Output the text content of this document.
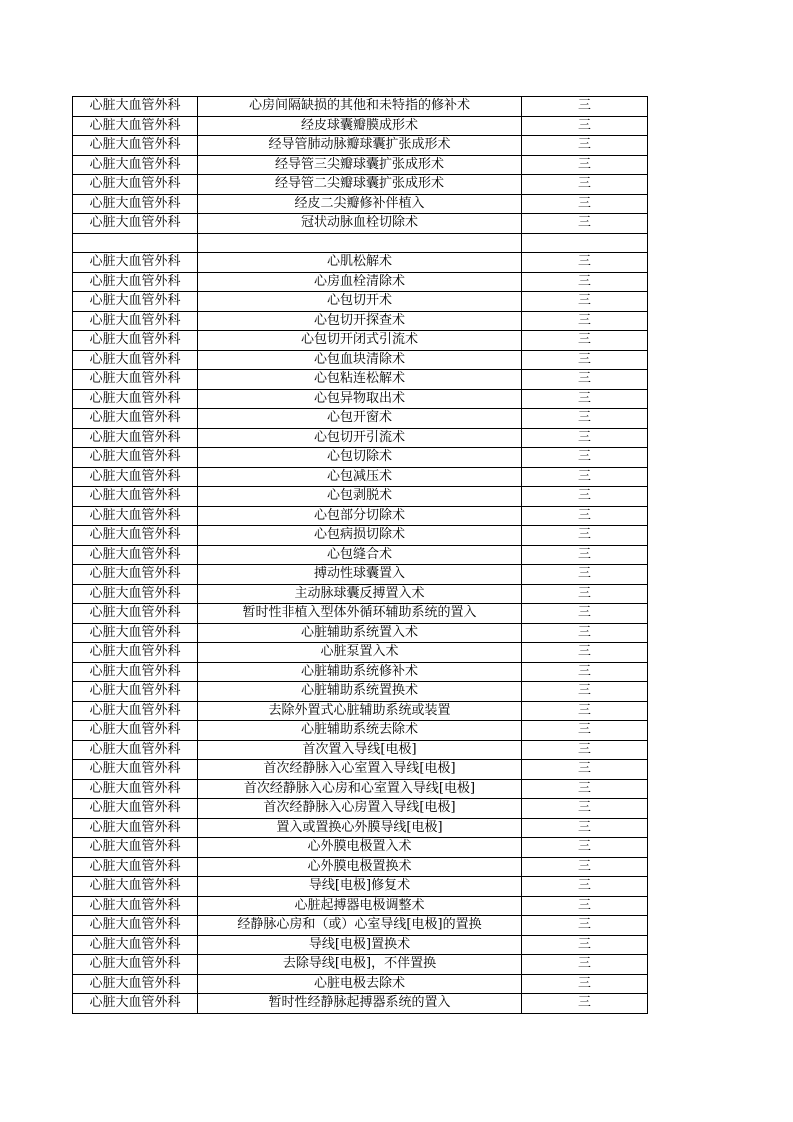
心脏大血管外科	心房间隔缺损的其他和未特指的修补术	三
心脏大血管外科	经皮球囊瓣膜成形术	三
心脏大血管外科	经导管肺动脉瓣球囊扩张成形术	三
心脏大血管外科	经导管三尖瓣球囊扩张成形术	三
心脏大血管外科	经导管二尖瓣球囊扩张成形术	三
心脏大血管外科	经皮二尖瓣修补伴植入	三
心脏大血管外科	冠状动脉血栓切除术	三

心脏大血管外科	心肌松解术	三
心脏大血管外科	心房血栓清除术	三
心脏大血管外科	心包切开术	三
心脏大血管外科	心包切开探查术	三
心脏大血管外科	心包切开闭式引流术	三
心脏大血管外科	心包血块清除术	三
心脏大血管外科	心包粘连松解术	三
心脏大血管外科	心包异物取出术	三
心脏大血管外科	心包开窗术	三
心脏大血管外科	心包切开引流术	三
心脏大血管外科	心包切除术	三
心脏大血管外科	心包减压术	三
心脏大血管外科	心包剥脱术	三
心脏大血管外科	心包部分切除术	三
心脏大血管外科	心包病损切除术	三
心脏大血管外科	心包缝合术	三
心脏大血管外科	搏动性球囊置入	三
心脏大血管外科	主动脉球囊反搏置入术	三
心脏大血管外科	暂时性非植入型体外循环辅助系统的置入	三
心脏大血管外科	心脏辅助系统置入术	三
心脏大血管外科	心脏泵置入术	三
心脏大血管外科	心脏辅助系统修补术	三
心脏大血管外科	心脏辅助系统置换术	三
心脏大血管外科	去除外置式心脏辅助系统或装置	三
心脏大血管外科	心脏辅助系统去除术	三
心脏大血管外科	首次置入导线[电极]	三
心脏大血管外科	首次经静脉入心室置入导线[电极]	三
心脏大血管外科	首次经静脉入心房和心室置入导线[电极]	三
心脏大血管外科	首次经静脉入心房置入导线[电极]	三
心脏大血管外科	置入或置换心外膜导线[电极]	三
心脏大血管外科	心外膜电极置入术	三
心脏大血管外科	心外膜电极置换术	三
心脏大血管外科	导线[电极]修复术	三
心脏大血管外科	心脏起搏器电极调整术	三
心脏大血管外科	经静脉心房和（或）心室导线[电极]的置换	三
心脏大血管外科	导线[电极]置换术	三
心脏大血管外科	去除导线[电极]，不伴置换	三
心脏大血管外科	心脏电极去除术	三
心脏大血管外科	暂时性经静脉起搏器系统的置入	三
